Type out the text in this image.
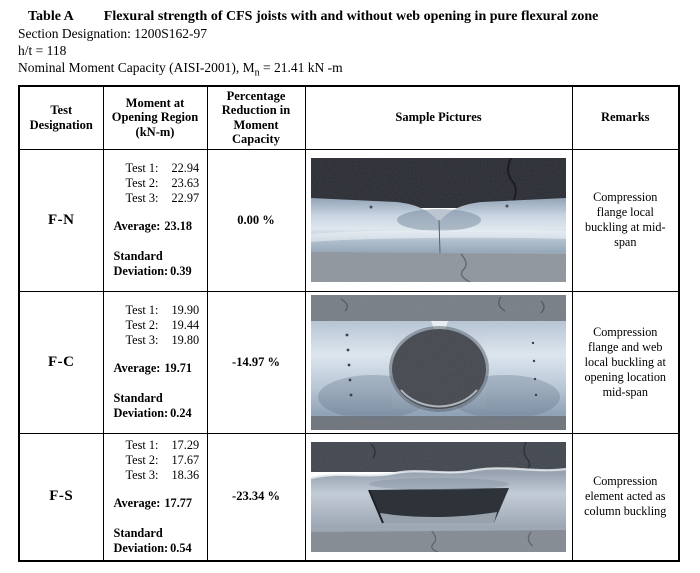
Table A Flexural strength of CFS joists with and without web opening in pure flexural zone
Section Designation: 1200S162-97
h/t = 118
Nominal Moment Capacity (AISI-2001), $M_n = 21.41$ kN -m
Test Designation	Moment at Opening Region (kN-m)	Percentage Reduction in Moment Capacity	Sample Pictures	Remarks
F-N	Test 1: 22.94
Test 2: 23.63
Test 3: 22.97
Average: 23.18
Standard Deviation: 0.39	0.00 %		Compression flange local buckling at mid-span
F-C	Test 1: 19.90
Test 2: 19.44
Test 3: 19.80
Average: 19.71
Standard Deviation: 0.24	-14.97 %		Compression flange and web local buckling at opening location mid-span
F-S	Test 1: 17.29
Test 2: 17.67
Test 3: 18.36
Average: 17.77
Standard Deviation: 0.54	-23.34 %		Compression element acted as column buckling
